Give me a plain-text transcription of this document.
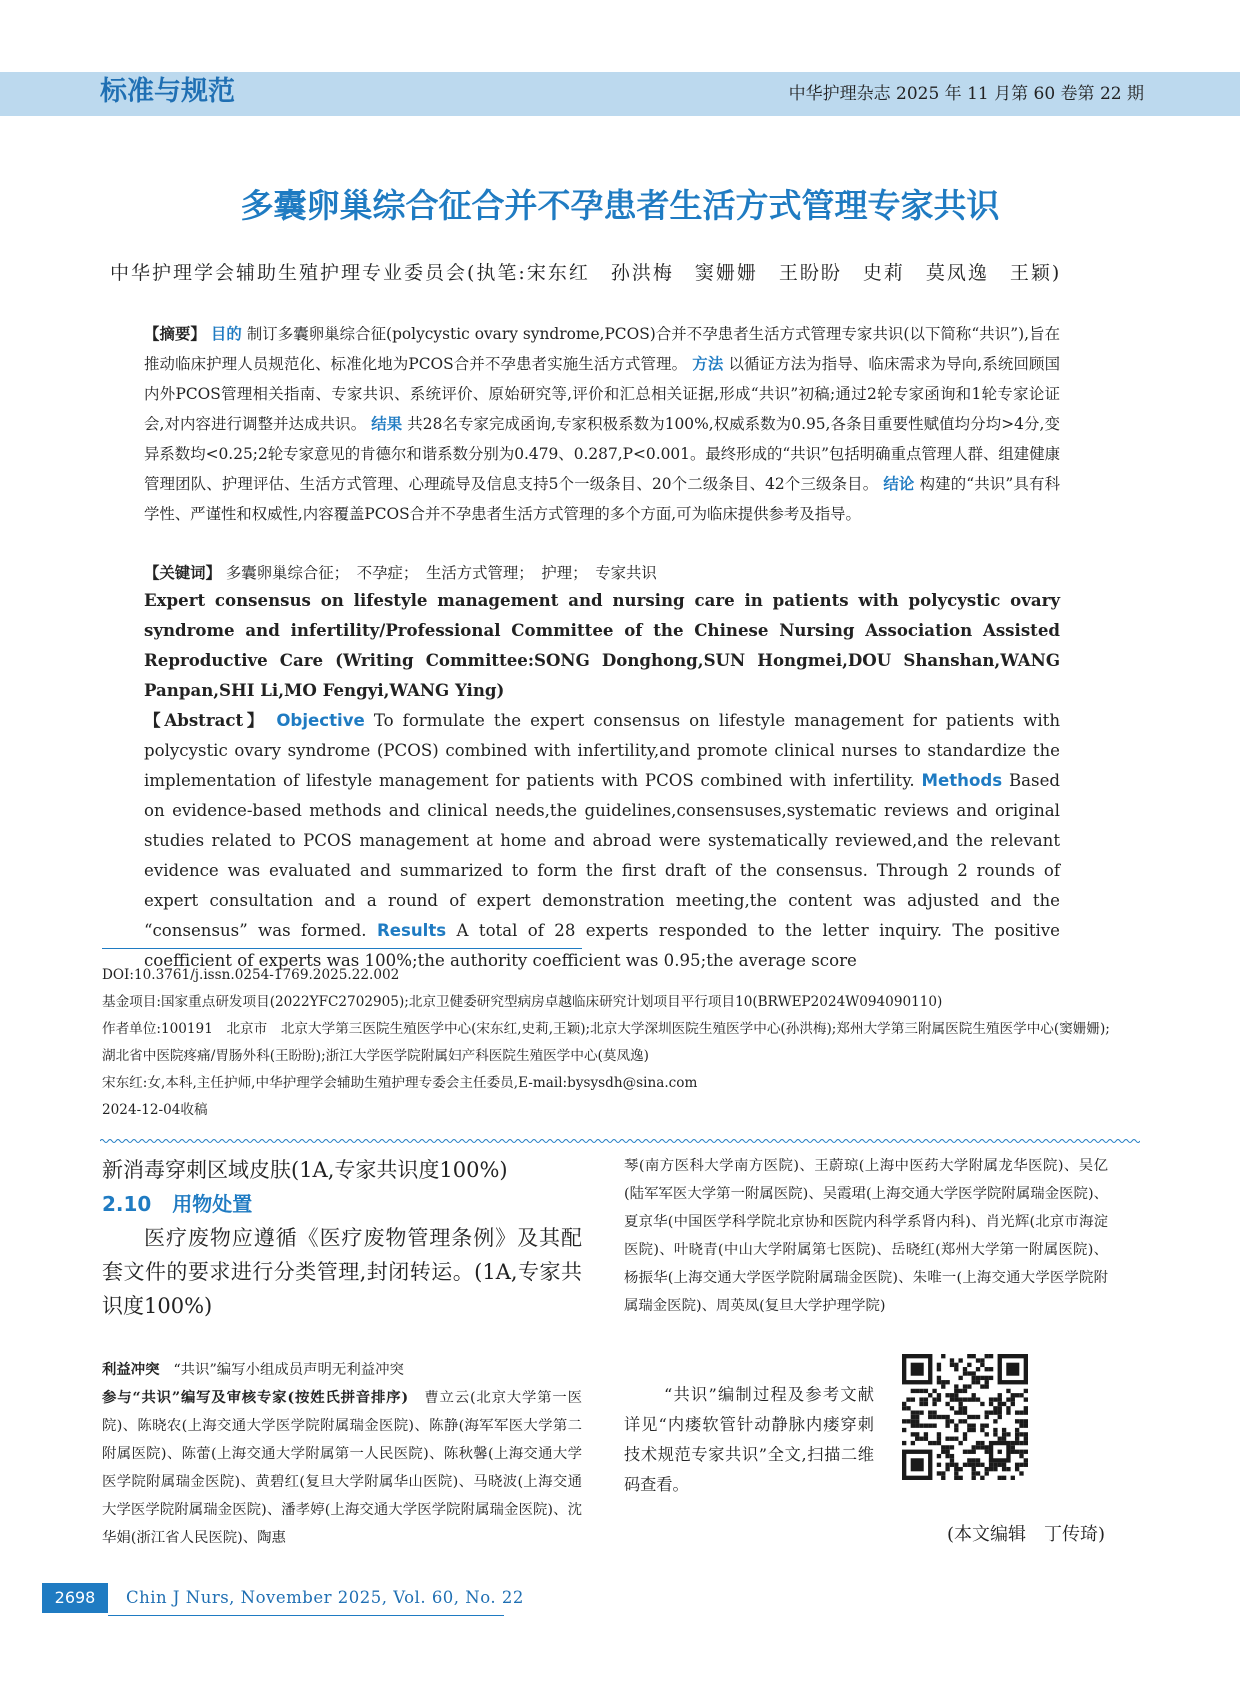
标准与规范	中华护理杂志 2025 年 11 月第 60 卷第 22 期
多囊卵巢综合征合并不孕患者生活方式管理专家共识
中华护理学会辅助生殖护理专业委员会(执笔:宋东红　孙洪梅　窦姗姗　王盼盼　史莉　莫凤逸　王颖)
【摘要】 目的 制订多囊卵巢综合征(polycystic ovary syndrome,PCOS)合并不孕患者生活方式管理专家共识(以下简称“共识”),旨在推动临床护理人员规范化、标准化地为PCOS合并不孕患者实施生活方式管理。 方法 以循证方法为指导、临床需求为导向,系统回顾国内外PCOS管理相关指南、专家共识、系统评价、原始研究等,评价和汇总相关证据,形成“共识”初稿;通过2轮专家函询和1轮专家论证会,对内容进行调整并达成共识。 结果 共28名专家完成函询,专家积极系数为100%,权威系数为0.95,各条目重要性赋值均分均>4分,变异系数均<0.25;2轮专家意见的肯德尔和谐系数分别为0.479、0.287,P<0.001。最终形成的“共识”包括明确重点管理人群、组建健康管理团队、护理评估、生活方式管理、心理疏导及信息支持5个一级条目、20个二级条目、42个三级条目。 结论 构建的“共识”具有科学性、严谨性和权威性,内容覆盖PCOS合并不孕患者生活方式管理的多个方面,可为临床提供参考及指导。
【关键词】 多囊卵巢综合征；　不孕症；　生活方式管理；　护理；　专家共识
Expert consensus on lifestyle management and nursing care in patients with polycystic ovary syndrome and infertility/Professional Committee of the Chinese Nursing Association Assisted Reproductive Care (Writing Committee:SONG Donghong,SUN Hongmei,DOU Shanshan,WANG Panpan,SHI Li,MO Fengyi,WANG Ying)
【Abstract】 Objective To formulate the expert consensus on lifestyle management for patients with polycystic ovary syndrome (PCOS) combined with infertility,and promote clinical nurses to standardize the implementation of lifestyle management for patients with PCOS combined with infertility. Methods Based on evidence-based methods and clinical needs,the guidelines,consensuses,systematic reviews and original studies related to PCOS management at home and abroad were systematically reviewed,and the relevant evidence was evaluated and summarized to form the first draft of the consensus. Through 2 rounds of expert consultation and a round of expert demonstration meeting,the content was adjusted and the “consensus” was formed. Results A total of 28 experts responded to the letter inquiry. The positive coefficient of experts was 100%;the authority coefficient was 0.95;the average score
DOI:10.3761/j.issn.0254-1769.2025.22.002
基金项目:国家重点研发项目(2022YFC2702905);北京卫健委研究型病房卓越临床研究计划项目平行项目10(BRWEP2024W094090110)
作者单位:100191　北京市　北京大学第三医院生殖医学中心(宋东红,史莉,王颖);北京大学深圳医院生殖医学中心(孙洪梅);郑州大学第三附属医院生殖医学中心(窦姗姗);湖北省中医院疼痛/胃肠外科(王盼盼);浙江大学医学院附属妇产科医院生殖医学中心(莫凤逸)
宋东红:女,本科,主任护师,中华护理学会辅助生殖护理专委会主任委员,E-mail:bysysdh@sina.com
2024-12-04收稿
新消毒穿刺区域皮肤(1A,专家共识度100%)
2.10 用物处置
医疗废物应遵循《医疗废物管理条例》及其配套文件的要求进行分类管理,封闭转运。(1A,专家共识度100%)
利益冲突 “共识”编写小组成员声明无利益冲突
参与“共识”编写及审核专家(按姓氏拼音排序) 曹立云(北京大学第一医院)、陈晓农(上海交通大学医学院附属瑞金医院)、陈静(海军军医大学第二附属医院)、陈蕾(上海交通大学附属第一人民医院)、陈秋馨(上海交通大学医学院附属瑞金医院)、黄碧红(复旦大学附属华山医院)、马晓波(上海交通大学医学院附属瑞金医院)、潘孝婷(上海交通大学医学院附属瑞金医院)、沈华娟(浙江省人民医院)、陶惠
琴(南方医科大学南方医院)、王蔚琼(上海中医药大学附属龙华医院)、吴亿(陆军军医大学第一附属医院)、吴霞珺(上海交通大学医学院附属瑞金医院)、夏京华(中国医学科学院北京协和医院内科学系肾内科)、肖光辉(北京市海淀医院)、叶晓青(中山大学附属第七医院)、岳晓红(郑州大学第一附属医院)、杨振华(上海交通大学医学院附属瑞金医院)、朱唯一(上海交通大学医学院附属瑞金医院)、周英凤(复旦大学护理学院)
“共识”编制过程及参考文献详见“内瘘软管针动静脉内瘘穿刺技术规范专家共识”全文,扫描二维码查看。
(本文编辑　丁传琦)
2698	Chin J Nurs, November 2025, Vol. 60, No. 22
